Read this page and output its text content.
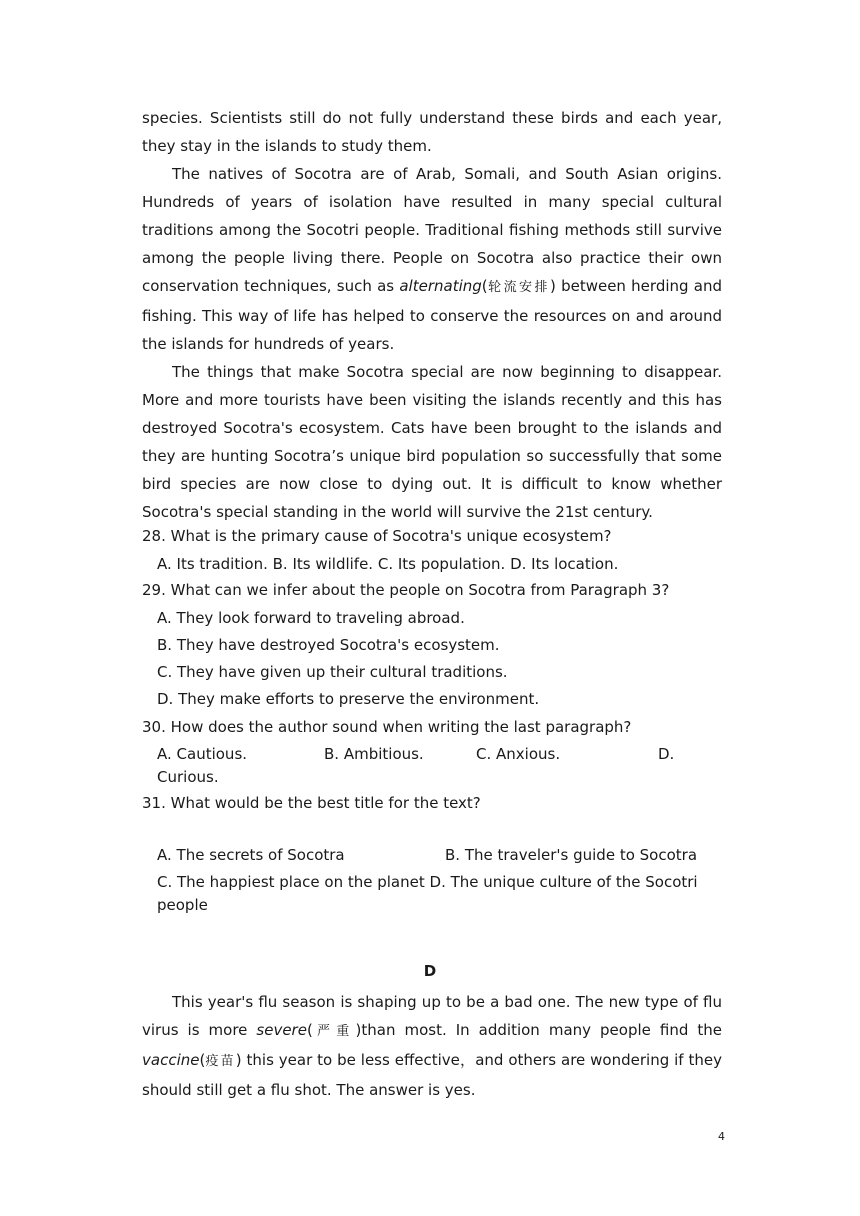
species. Scientists still do not fully understand these birds and each year, they stay in the islands to study them.

The natives of Socotra are of Arab, Somali, and South Asian origins. Hundreds of years of isolation have resulted in many special cultural traditions among the Socotri people. Traditional fishing methods still survive among the people living there. People on Socotra also practice their own conservation techniques, such as alternating(轮流安排) between herding and fishing. This way of life has helped to conserve the resources on and around the islands for hundreds of years.

The things that make Socotra special are now beginning to disappear. More and more tourists have been visiting the islands recently and this has destroyed Socotra's ecosystem. Cats have been brought to the islands and they are hunting Socotra’s unique bird population so successfully that some bird species are now close to dying out. It is difficult to know whether Socotra's special standing in the world will survive the 21st century.

28. What is the primary cause of Socotra's unique ecosystem?
A. Its tradition. B. Its wildlife. C. Its population. D. Its location.
29. What can we infer about the people on Socotra from Paragraph 3?
A. They look forward to traveling abroad.
B. They have destroyed Socotra's ecosystem.
C. They have given up their cultural traditions.
D. They make efforts to preserve the environment.
30. How does the author sound when writing the last paragraph?
A. Cautious.	B. Ambitious.	C. Anxious.	D.
Curious.
31. What would be the best title for the text?
A. The secrets of Socotra	B. The traveler's guide to Socotra
C. The happiest place on the planet D. The unique culture of the Socotri
people
D

This year's flu season is shaping up to be a bad one. The new type of flu virus is more severe(严重)than most. In addition many people find the vaccine(疫苗) this year to be less effective，and others are wondering if they should still get a flu shot. The answer is yes.

4
